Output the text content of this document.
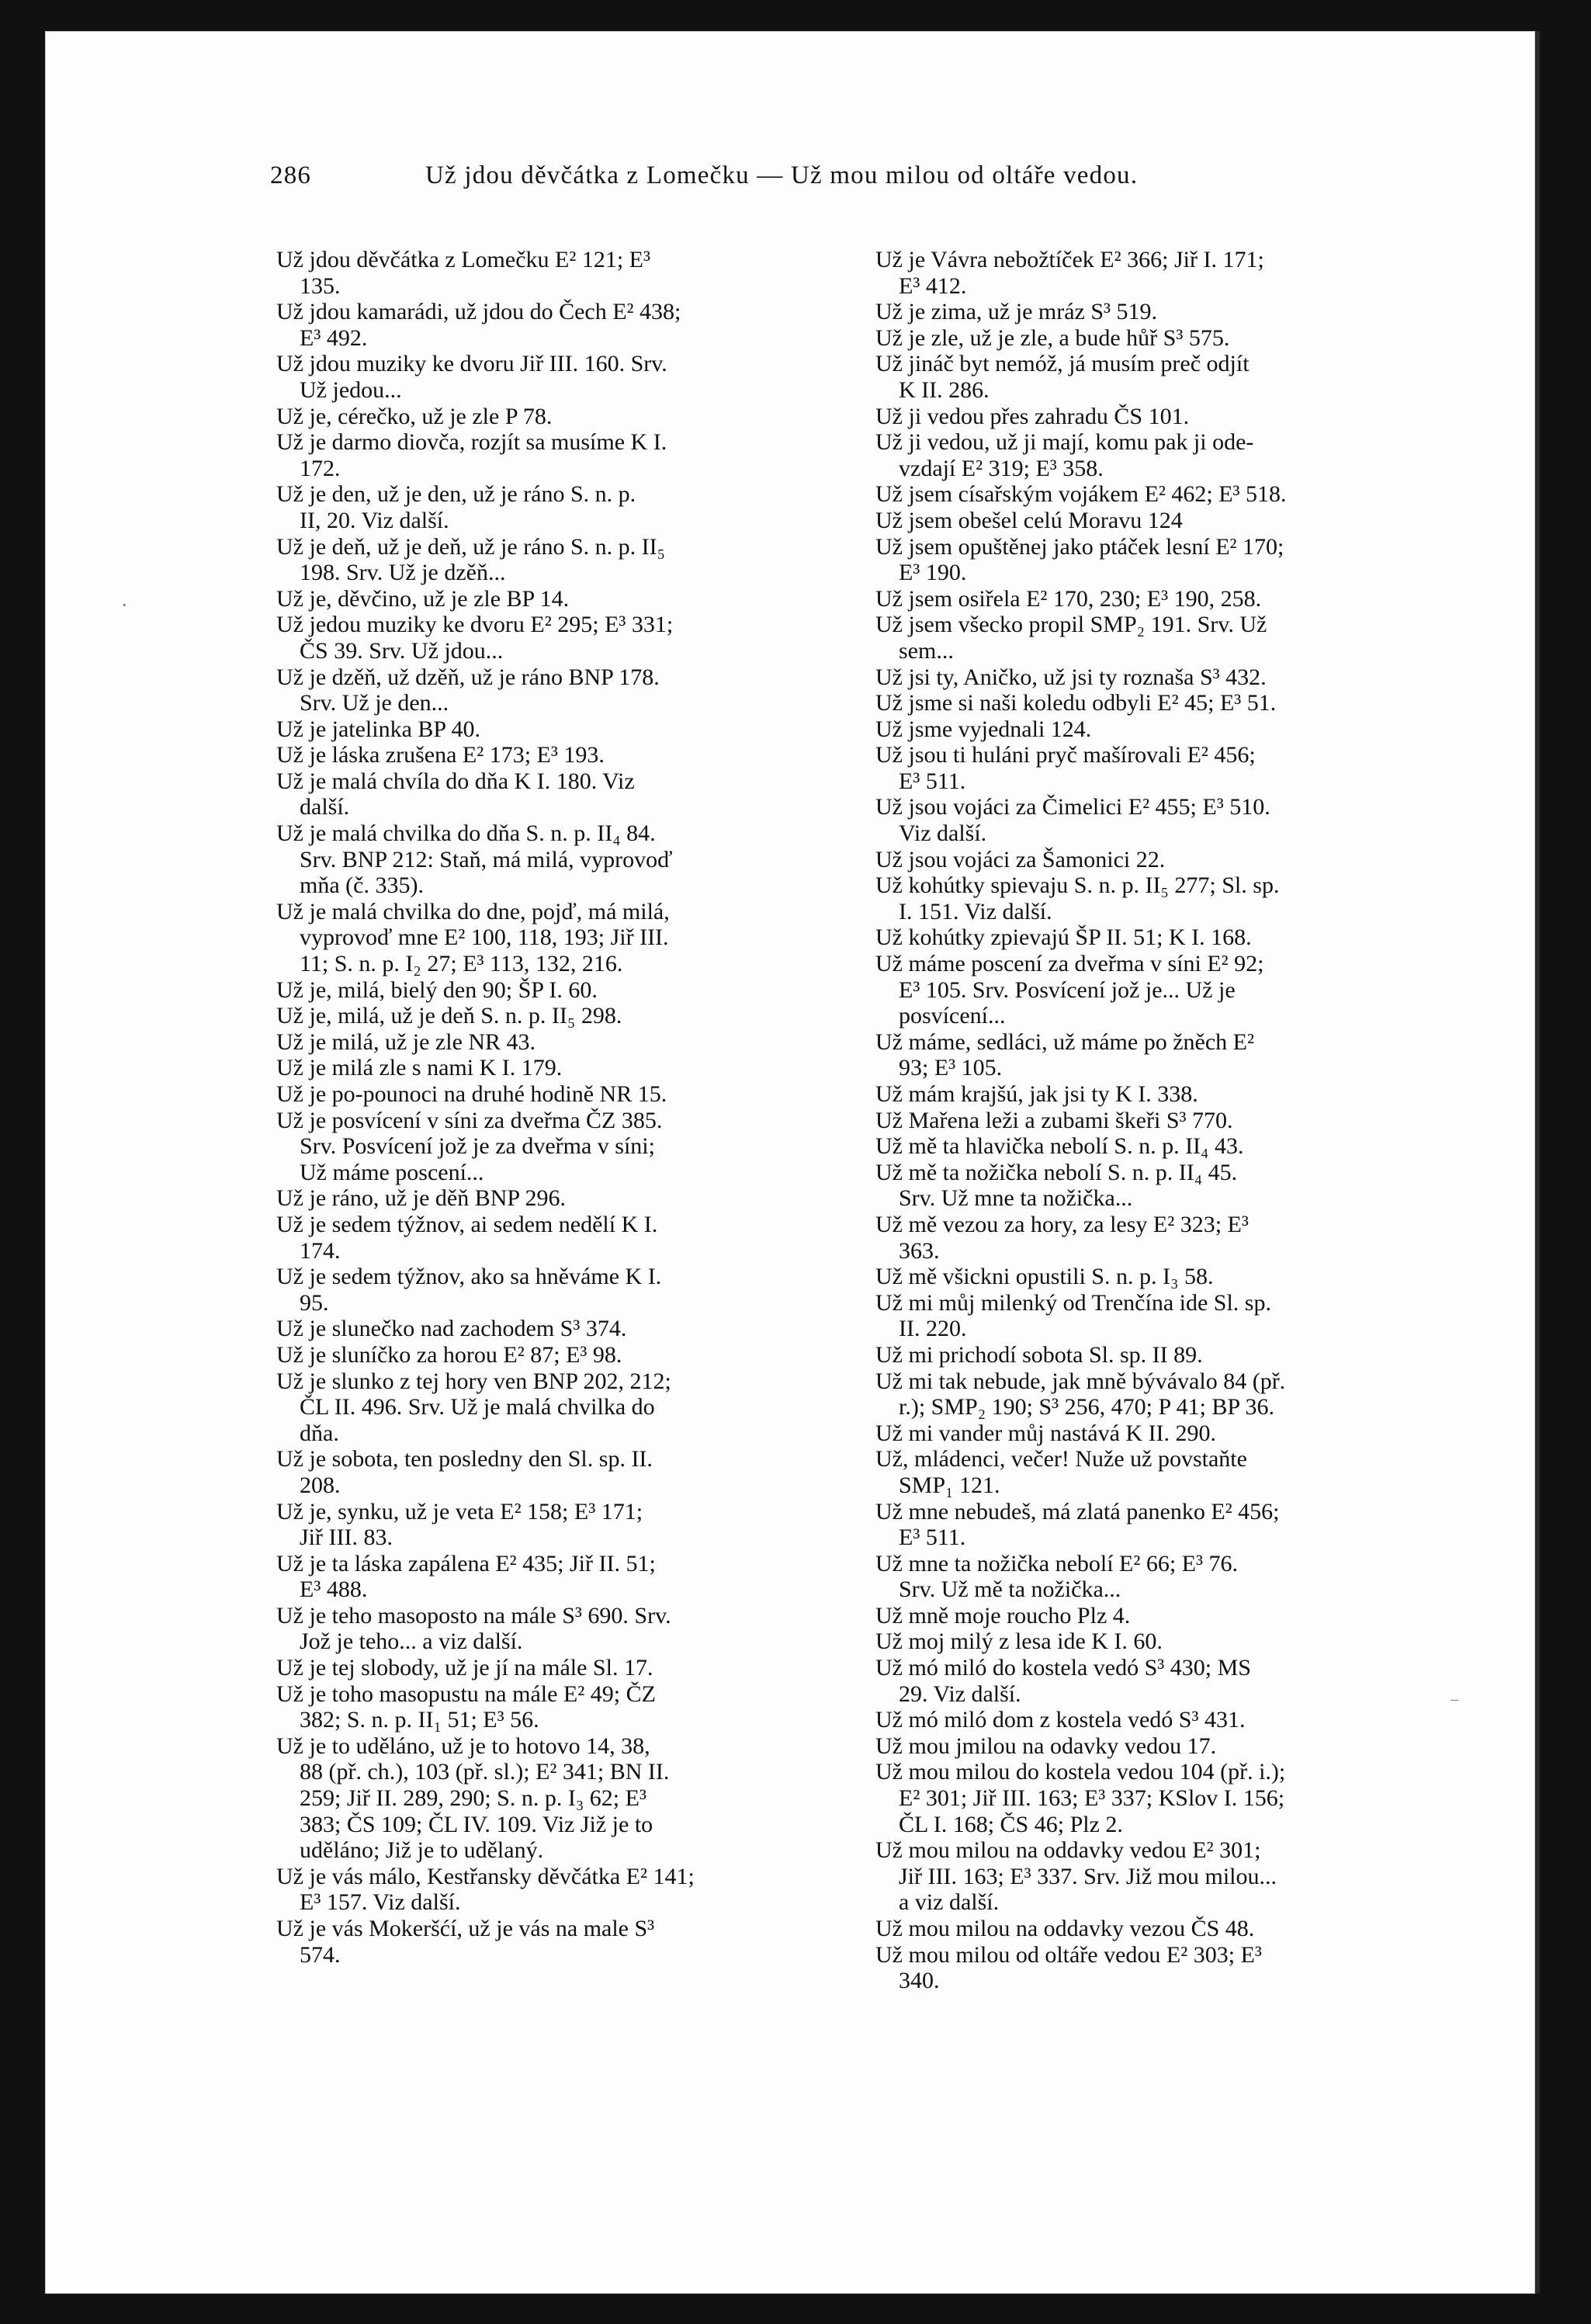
286	Už jdou děvčátka z Lomečku — Už mou milou od oltáře vedou.

Už jdou děvčátka z Lomečku E² 121; E³
135.

Už jdou kamarádi, už jdou do Čech E² 438;
E³ 492.

Už jdou muziky ke dvoru Jiř III. 160. Srv.
Už jedou...

Už je, cérečko, už je zle P 78.

Už je darmo diovča, rozjít sa musíme K I.
172.

Už je den, už je den, už je ráno S. n. p.
II, 20. Viz další.

Už je deň, už je deň, už je ráno S. n. p. II₅
198. Srv. Už je dzěň...

Už je, děvčino, už je zle BP 14.

Už jedou muziky ke dvoru E² 295; E³ 331;
ČS 39. Srv. Už jdou...

Už je dzěň, už dzěň, už je ráno BNP 178.
Srv. Už je den...

Už je jatelinka BP 40.

Už je láska zrušena E² 173; E³ 193.

Už je malá chvíla do dňa K I. 180. Viz
další.

Už je malá chvilka do dňa S. n. p. II₄ 84.
Srv. BNP 212: Staň, má milá, vyprovoď
mňa (č. 335).

Už je malá chvilka do dne, pojď, má milá,
vyprovoď mne E² 100, 118, 193; Jiř III.
11; S. n. p. I₂ 27; E³ 113, 132, 216.

Už je, milá, bielý den 90; ŠP I. 60.

Už je, milá, už je deň S. n. p. II₅ 298.

Už je milá, už je zle NR 43.

Už je milá zle s nami K I. 179.

Už je po-pounoci na druhé hodině NR 15.

Už je posvícení v síni za dveřma ČZ 385.
Srv. Posvícení jož je za dveřma v síni;
Už máme poscení...

Už je ráno, už je děň BNP 296.

Už je sedem týžnov, ai sedem nedělí K I.
174.

Už je sedem týžnov, ako sa hněváme K I.
95.

Už je slunečko nad zachodem S³ 374.

Už je sluníčko za horou E² 87; E³ 98.

Už je slunko z tej hory ven BNP 202, 212;
ČL II. 496. Srv. Už je malá chvilka do
dňa.

Už je sobota, ten posledny den Sl. sp. II.
208.

Už je, synku, už je veta E² 158; E³ 171;
Jiř III. 83.

Už je ta láska zapálena E² 435; Jiř II. 51;
E³ 488.

Už je teho masoposto na mále S³ 690. Srv.
Jož je teho... a viz další.

Už je tej slobody, už je jí na mále Sl. 17.

Už je toho masopustu na mále E² 49; ČZ
382; S. n. p. II₁ 51; E³ 56.

Už je to uděláno, už je to hotovo 14, 38,
88 (př. ch.), 103 (př. sl.); E² 341; BN II.
259; Jiř II. 289, 290; S. n. p. I₃ 62; E³
383; ČS 109; ČL IV. 109. Viz Již je to
uděláno; Již je to udělaný.

Už je vás málo, Kestřansky děvčátka E² 141;
E³ 157. Viz další.

Už je vás Mokeršćí, už je vás na male S³
574.

Už je Vávra nebožtíček E² 366; Jiř I. 171;
E³ 412.

Už je zima, už je mráz S³ 519.

Už je zle, už je zle, a bude hůř S³ 575.

Už jináč byt nemóž, já musím preč odjít
K II. 286.

Už ji vedou přes zahradu ČS 101.

Už ji vedou, už ji mají, komu pak ji ode-
vzdají E² 319; E³ 358.

Už jsem císařským vojákem E² 462; E³ 518.

Už jsem obešel celú Moravu 124

Už jsem opuštěnej jako ptáček lesní E² 170;
E³ 190.

Už jsem osiřela E² 170, 230; E³ 190, 258.

Už jsem všecko propil SMP₂ 191. Srv. Už
sem...

Už jsi ty, Aničko, už jsi ty roznaša S³ 432.

Už jsme si naši koledu odbyli E² 45; E³ 51.

Už jsme vyjednali 124.

Už jsou ti huláni pryč mašírovali E² 456;
E³ 511.

Už jsou vojáci za Čimelici E² 455; E³ 510.
Viz další.

Už jsou vojáci za Šamonici 22.

Už kohútky spievaju S. n. p. II₅ 277; Sl. sp.
I. 151. Viz další.

Už kohútky zpievajú ŠP II. 51; K I. 168.

Už máme poscení za dveřma v síni E² 92;
E³ 105. Srv. Posvícení jož je... Už je
posvícení...

Už máme, sedláci, už máme po žněch E²
93; E³ 105.

Už mám krajšú, jak jsi ty K I. 338.

Už Mařena leži a zubami škeři S³ 770.

Už mě ta hlavička nebolí S. n. p. II₄ 43.

Už mě ta nožička nebolí S. n. p. II₄ 45.
Srv. Už mne ta nožička...

Už mě vezou za hory, za lesy E² 323; E³
363.

Už mě všickni opustili S. n. p. I₃ 58.

Už mi můj milenký od Trenčína ide Sl. sp.
II. 220.

Už mi prichodí sobota Sl. sp. II 89.

Už mi tak nebude, jak mně bývávalo 84 (př.
r.); SMP₂ 190; S³ 256, 470; P 41; BP 36.

Už mi vander můj nastává K II. 290.

Už, mládenci, večer! Nuže už povstaňte
SMP₁ 121.

Už mne nebudeš, má zlatá panenko E² 456;
E³ 511.

Už mne ta nožička nebolí E² 66; E³ 76.
Srv. Už mě ta nožička...

Už mně moje roucho Plz 4.

Už moj milý z lesa ide K I. 60.

Už mó miló do kostela vedó S³ 430; MS
29. Viz další.

Už mó miló dom z kostela vedó S³ 431.

Už mou jmilou na odavky vedou 17.

Už mou milou do kostela vedou 104 (př. i.);
E² 301; Jiř III. 163; E³ 337; KSlov I. 156;
ČL I. 168; ČS 46; Plz 2.

Už mou milou na oddavky vedou E² 301;
Jiř III. 163; E³ 337. Srv. Již mou milou...
a viz další.

Už mou milou na oddavky vezou ČS 48.

Už mou milou od oltáře vedou E² 303; E³
340.

·
‾
